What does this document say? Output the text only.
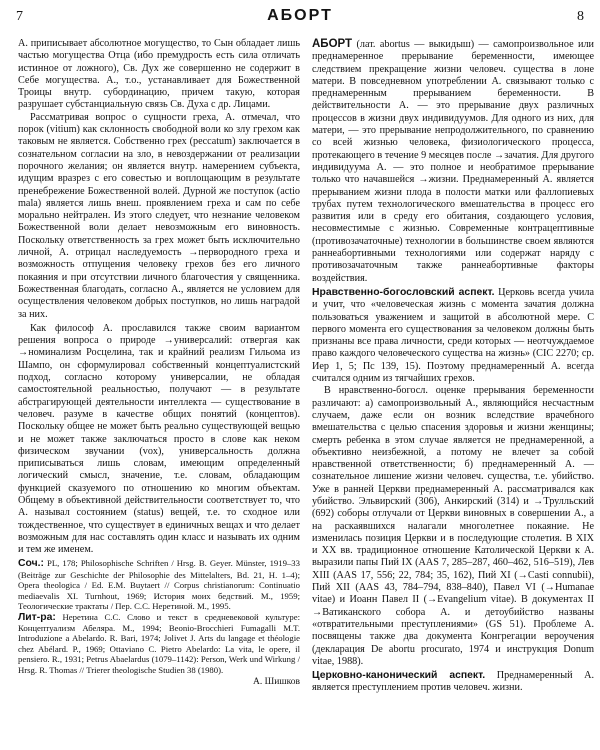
7	АБОРТ	8

А. приписывает абсолютное могущество, то Сын обладает лишь частью могущества Отца (ибо премудрость есть сила отличать истинное от ложного), Св. Дух же совершенно не содержит в Себе могущества. А., т.о., устанавливает для Божественной Троицы внутр. субординацию, причем такую, которая разрушает субстанциальную связь Св. Духа с др. Лицами.

Рассматривая вопрос о сущности греха, А. отмечал, что порок (vitium) как склонность свободной воли ко злу грехом как таковым не является. Собственно грех (peccatum) заключается в сознательном согласии на зло, в невоздержании от реализации порочного желания; он является внутр. намерением субъекта, идущим вразрез с его совестью и воплощающим в результате пренебрежение Божественной волей. Дурной же поступок (actio mala) является лишь внеш. проявлением греха и сам по себе морально нейтрален. Из этого следует, что незнание человеком Божественной воли делает невозможным его виновность. Поскольку ответственность за грех может быть исключительно личной, А. отрицал наследуемость →первородного греха и возможность отпущения человеку грехов без его личного покаяния и при отсутствии личного благочестия у священника. Божественная благодать, согласно А., является не условием для осуществления человеком добрых поступков, но лишь наградой за них.

Как философ А. прославился также своим вариантом решения вопроса о природе →универсалий: отвергая как →номинализм Росцелина, так и крайний реализм Гильома из Шампо, он сформулировал собственный концептуалистский подход, согласно которому универсалии, не обладая самостоятельной реальностью, получают — в результате абстрагирующей деятельности интеллекта — существование в человеч. разуме в качестве общих понятий (концептов). Поскольку общее не может быть реально существующей вещью и не может также заключаться просто в слове как неком физическом звучании (vox), универсальность должна приписываться лишь словам, имеющим определенный логический смысл, значение, т.е. словам, обладающим функцией сказуемого по отношению ко многим объектам. Общему в объективной действительности соответствует то, что А. называл состоянием (status) вещей, т.е. то сходное или тождественное, что существует в единичных вещах и что делает возможным для нас составлять один класс и называть их одним и тем же именем.

Соч.: PL, 178; Philosophische Schriften / Hrsg. B. Geyer. Münster, 1919–33 (Beiträge zur Geschichte der Philosophie des Mittelalters, Bd. 21, H. 1–4); Opera theologica / Ed. E.M. Buytaert // Corpus christianorum: Continuatio mediaevalis XI. Turnhout, 1969; История моих бедствий. М., 1959; Теологические трактаты / Пер. С.С. Неретиной. М., 1995.

Лит-ра: Неретина С.С. Слово и текст в средневековой культуре: Концептуализм Абеляра. М., 1994; Beonio-Brocchieri Fumagalli M.T. Introduzione a Abelardo. R. Bari, 1974; Jolivet J. Arts du langage et théologie chez Abélard. P., 1969; Ottaviano C. Pietro Abelardo: La vita, le opere, il pensiero. R., 1931; Petrus Abaelardus (1079–1142): Person, Werk und Wirkung / Hrsg. R. Thomas // Trierer theologische Studien 38 (1980).

А. Шишков

АБО́РТ (лат. abortus — выкидыш) — самопроизвольное или преднамеренное прерывание беременности, имеющее следствием прекращение жизни человеч. существа в лоне матери. В повседневном употреблении А. связывают только с преднамеренным прерыванием беременности. В действительности А. — это прерывание двух различных процессов в жизни двух индивидуумов. Для одного из них, для матери, — это прерывание непродолжительного, по сравнению со всей жизнью человека, физиологического процесса, протекающего в течение 9 месяцев после →зачатия. Для другого индивидуума А. — это полное и необратимое прерывание только что начавшейся →жизни. Преднамеренный А. является прерыванием жизни плода в полости матки или фаллопиевых трубах путем технологического вмешательства в процесс его развития или в среду его обитания, создающего условия, несовместимые с жизнью. Современные контрацептивные (противозачаточные) технологии в большинстве своем являются раннеабортивными технологиями или содержат наряду с противозачаточным также раннеабортивные факторы воздействия.

Нравственно-богословский аспект. Церковь всегда учила и учит, что «человеческая жизнь с момента зачатия должна пользоваться уважением и защитой в абсолютной мере. С первого момента его существования за человеком должны быть признаны все права личности, среди которых — неотчуждаемое право каждого человеческого существа на жизнь» (CIC 2270; ср. Иер 1, 5; Пс 139, 15). Поэтому преднамеренный А. всегда считался одним из тягчайших грехов.

В нравственно-богосл. оценке прерывания беременности различают: а) самопроизвольный А., являющийся несчастным случаем, даже если он возник вследствие врачебного вмешательства с целью спасения здоровья и жизни женщины; смерть ребенка в этом случае является не преднамеренной, а объективно неизбежной, а потому не влечет за собой нравственной ответственности; б) преднамеренный А. — сознательное лишение жизни человеч. существа, т.е. убийство. Уже в ранней Церкви преднамеренный А. рассматривался как убийство. Эльвирский (306), Анкирский (314) и →Трулльский (692) соборы отлучали от Церкви виновных в совершении А., а на раскаявшихся налагали многолетнее покаяние. Не изменилась позиция Церкви и в последующие столетия. В XIX и XX вв. традиционное отношение Католической Церкви к А. выразили папы Пий IX (AAS 7, 285–287, 460–462, 516–519), Лев XIII (AAS 17, 556; 22, 784; 35, 162), Пий XI (→Casti connubii), Пий XII (AAS 43, 784–794, 838–840), Павел VI (→Humanae vitae) и Иоанн Павел II (→Evangelium vitae). В документах II →Ватиканского собора А. и детоубийство названы «отвратительными преступлениями» (GS 51). Проблеме А. посвящены также два документа Конгрегации вероучения (декларация De abortu procurato, 1974 и инструкция Donum vitae, 1988).

Церковно-канонический аспект. Преднамеренный А. является преступлением против человеч. жизни.
